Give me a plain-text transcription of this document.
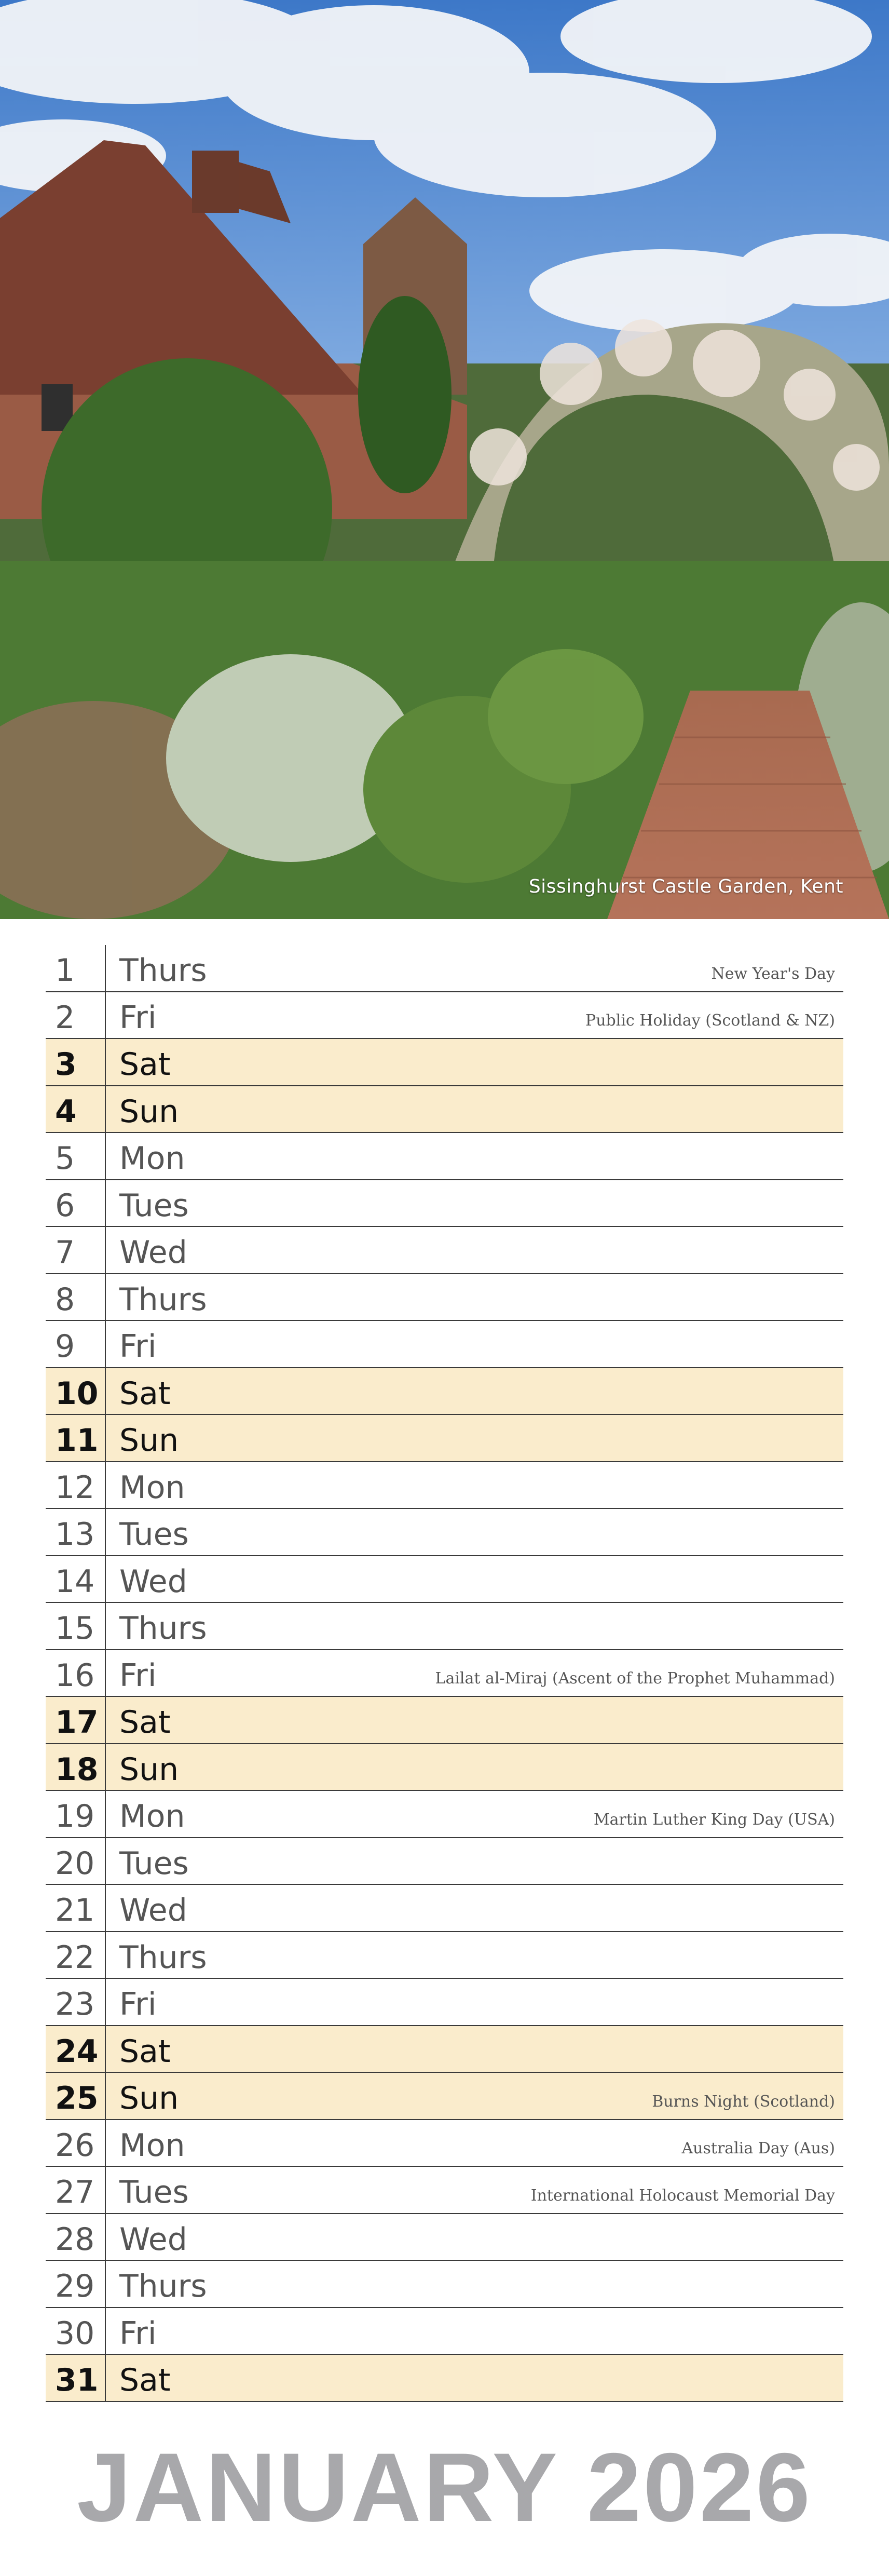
Sissinghurst Castle Garden, Kent
1 Thurs	New Year's Day
2 Fri	Public Holiday (Scotland & NZ)
3 Sat
4 Sun
5 Mon
6 Tues
7 Wed
8 Thurs
9 Fri
10 Sat
11 Sun
12 Mon
13 Tues
14 Wed
15 Thurs
16 Fri	Lailat al-Miraj (Ascent of the Prophet Muhammad)
17 Sat
18 Sun
19 Mon	Martin Luther King Day (USA)
20 Tues
21 Wed
22 Thurs
23 Fri
24 Sat
25 Sun	Burns Night (Scotland)
26 Mon	Australia Day (Aus)
27 Tues	International Holocaust Memorial Day
28 Wed
29 Thurs
30 Fri
31 Sat
JANUARY 2026
